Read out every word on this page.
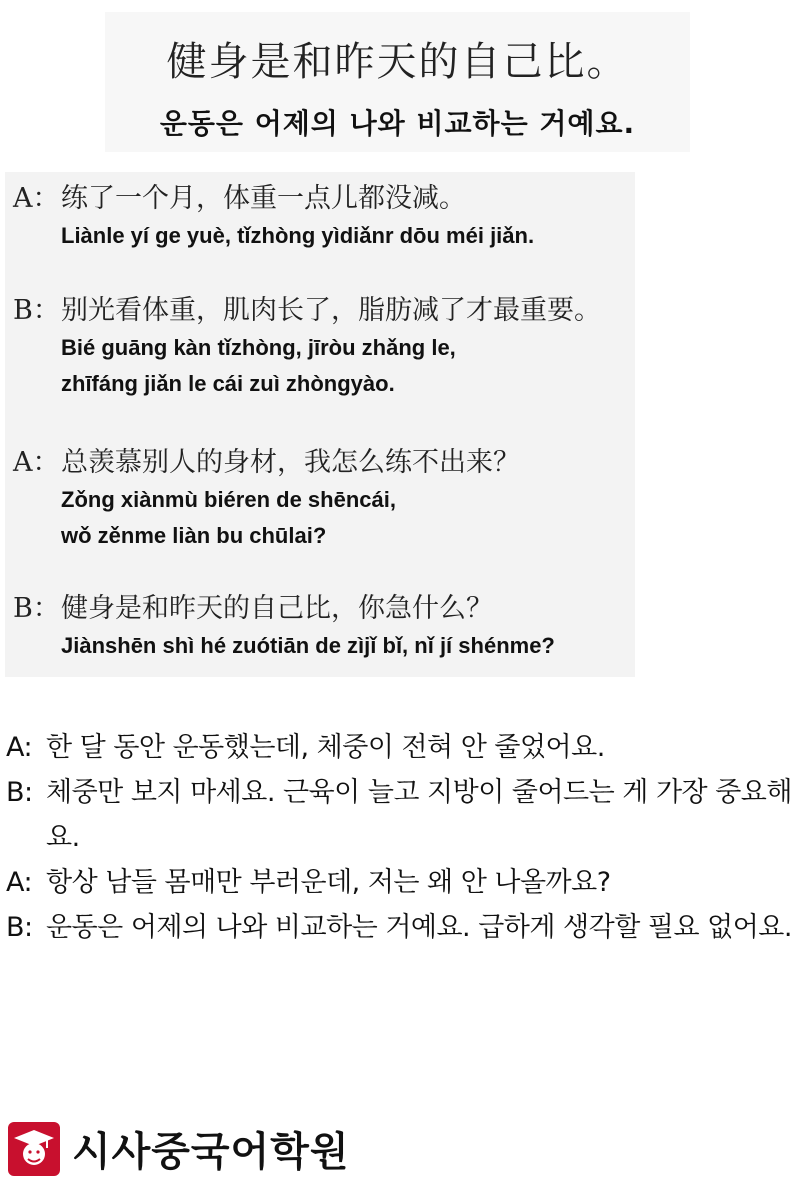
健身是和昨天的自己比。
운동은 어제의 나와 비교하는 거예요.
A：练了一个月，体重一点儿都没减。
Liànle yí ge yuè, tǐzhòng yìdiǎnr dōu méi jiǎn.
B：别光看体重，肌肉长了，脂肪减了才最重要。
Bié guāng kàn tǐzhòng, jīròu zhǎng le,
zhīfáng jiǎn le cái zuì zhòngyào.
A：总羡慕别人的身材，我怎么练不出来？
Zǒng xiànmù biéren de shēncái,
wǒ zěnme liàn bu chūlai?
B：健身是和昨天的自己比，你急什么？
Jiànshēn shì hé zuótiān de zìjǐ bǐ, nǐ jí shénme?
A: 한 달 동안 운동했는데, 체중이 전혀 안 줄었어요.
B: 체중만 보지 마세요. 근육이 늘고 지방이 줄어드는 게 가장 중요해요.
A: 항상 남들 몸매만 부러운데, 저는 왜 안 나올까요?
B: 운동은 어제의 나와 비교하는 거예요. 급하게 생각할 필요 없어요.
시사중국어학원
